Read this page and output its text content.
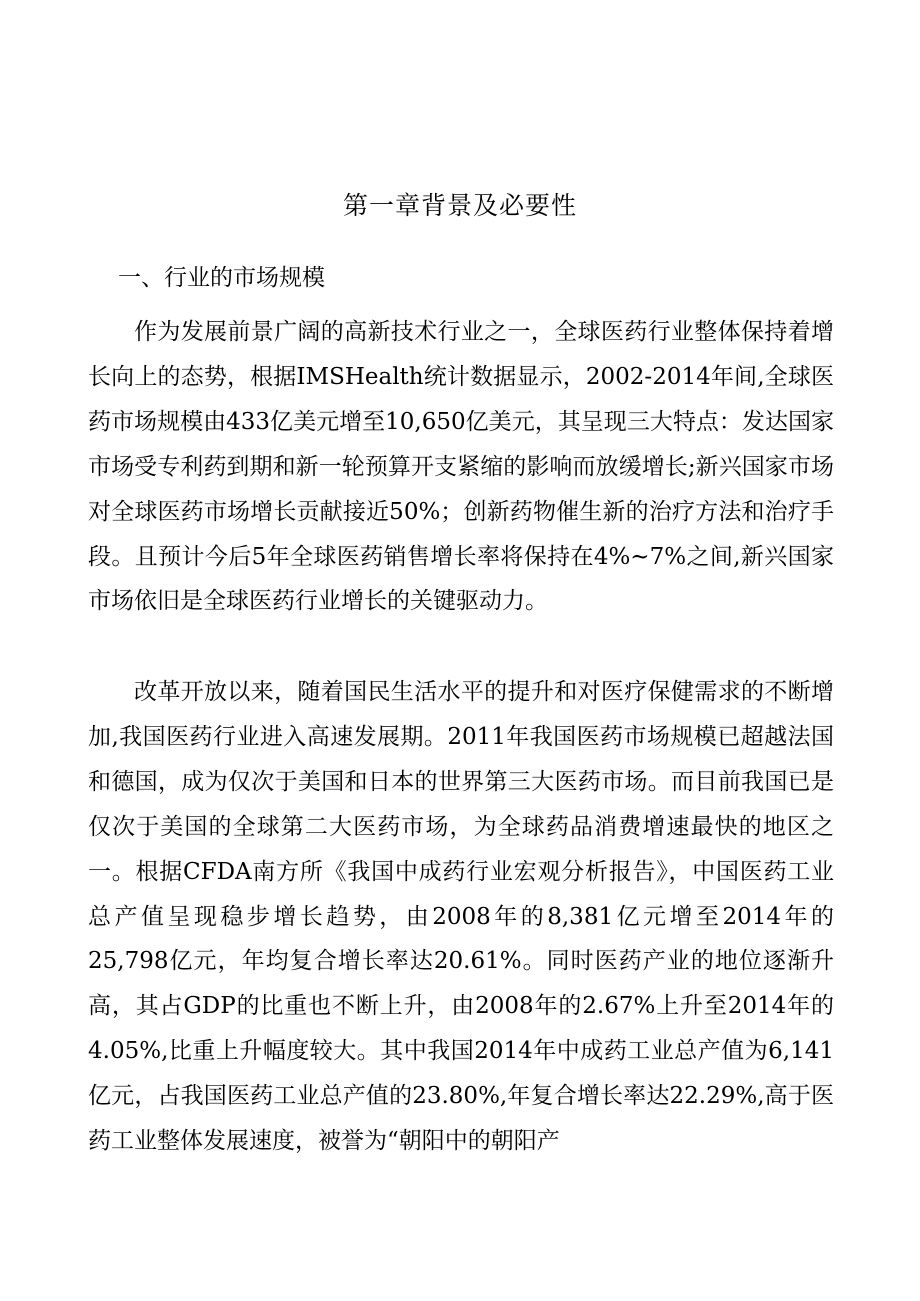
第一章背景及必要性
一、行业的市场规模

作为发展前景广阔的高新技术行业之一，全球医药行业整体保持着增长向上的态势，根据IMSHealth统计数据显示，2002-2014年间,全球医药市场规模由433亿美元增至10,650亿美元，其呈现三大特点：发达国家市场受专利药到期和新一轮预算开支紧缩的影响而放缓增长;新兴国家市场对全球医药市场增长贡献接近50%；创新药物催生新的治疗方法和治疗手段。且预计今后5年全球医药销售增长率将保持在4%~7%之间,新兴国家市场依旧是全球医药行业增长的关键驱动力。

改革开放以来，随着国民生活水平的提升和对医疗保健需求的不断增加,我国医药行业进入高速发展期。2011年我国医药市场规模已超越法国和德国，成为仅次于美国和日本的世界第三大医药市场。而目前我国已是仅次于美国的全球第二大医药市场，为全球药品消费增速最快的地区之一。根据CFDA南方所《我国中成药行业宏观分析报告》，中国医药工业总产值呈现稳步增长趋势，由2008年的8,381亿元增至2014年的25,798亿元，年均复合增长率达20.61%。同时医药产业的地位逐渐升高，其占GDP的比重也不断上升，由2008年的2.67%上升至2014年的4.05%,比重上升幅度较大。其中我国2014年中成药工业总产值为6,141亿元，占我国医药工业总产值的23.80%,年复合增长率达22.29%,高于医药工业整体发展速度，被誉为“朝阳中的朝阳产
